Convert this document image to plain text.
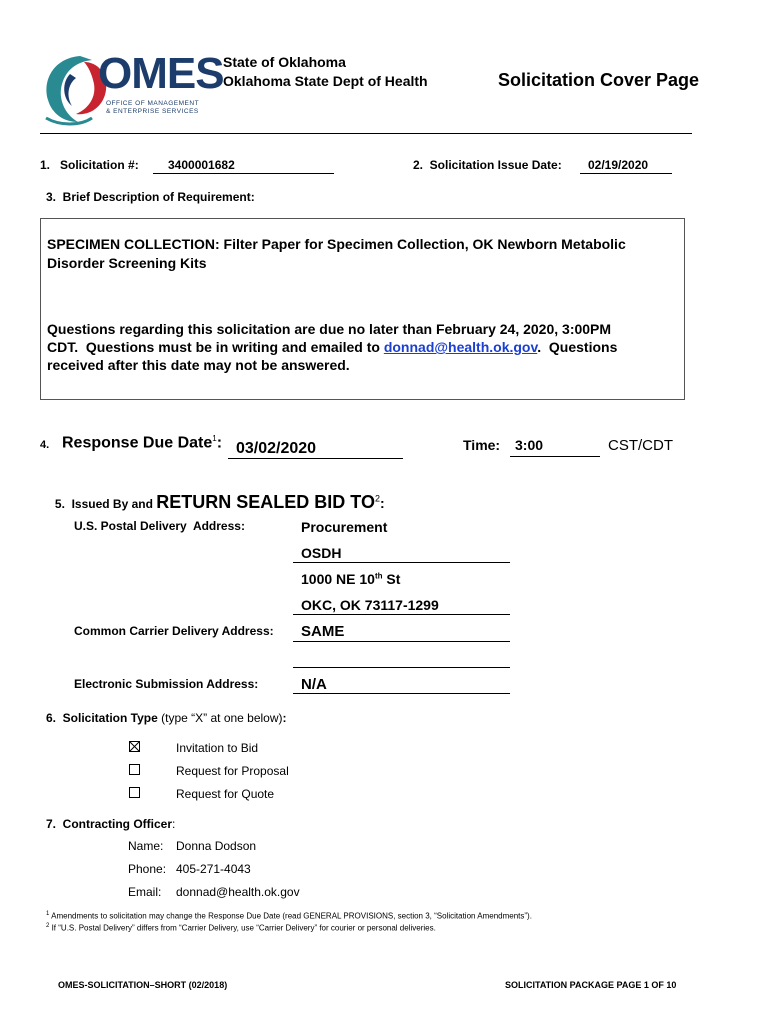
OMES
OFFICE OF MANAGEMENT
& ENTERPRISE SERVICES
State of Oklahoma
Oklahoma State Dept of Health	Solicitation Cover Page
1.   Solicitation #: 3400001682	2.  Solicitation Issue Date: 02/19/2020
3.  Brief Description of Requirement:
SPECIMEN COLLECTION: Filter Paper for Specimen Collection, OK Newborn Metabolic
Disorder Screening Kits
Questions regarding this solicitation are due no later than February 24, 2020, 3:00PM
CDT.  Questions must be in writing and emailed to donnad@health.ok.gov.  Questions
received after this date may not be answered.
4. Response Due Date$^1$: 03/02/2020	Time: 3:00	CST/CDT

5.  Issued By and RETURN SEALED BID $TO^2$:

U.S. Postal Delivery  Address:	Procurement
OSDH
1000 NE 10th St
OKC, OK 73117-1299
Common Carrier Delivery Address: SAME
Electronic Submission Address:	N/A
6.  Solicitation Type (type “X” at one below):
Invitation to Bid
Request for Proposal
Request for Quote
7.  Contracting Officer:
Name: Donna Dodson
Phone: 405-271-4043
Email: donnad@health.ok.gov
$^1$ Amendments to solicitation may change the Response Due Date (read GENERAL PROVISIONS, section 3, “Solicitation Amendments”).
$^2$ If “U.S. Postal Delivery” differs from “Carrier Delivery, use “Carrier Delivery” for courier or personal deliveries.
OMES-SOLICITATION–SHORT (02/2018)	SOLICITATION PACKAGE PAGE 1 OF 10
